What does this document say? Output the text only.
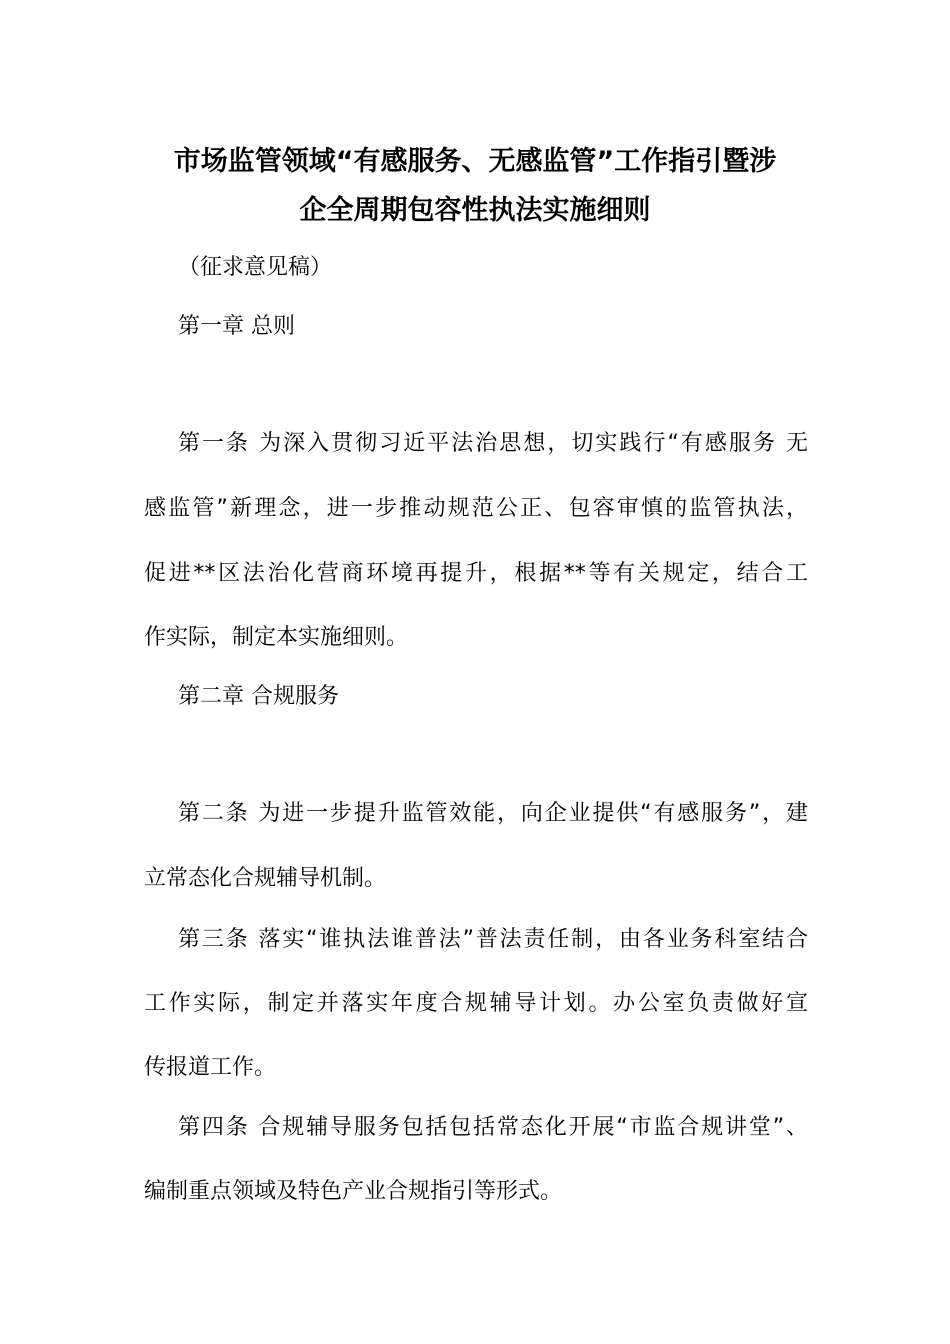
市场监管领域“有感服务、无感监管”工作指引暨涉
企全周期包容性执法实施细则

（征求意见稿）

第一章 总则

第一条 为深入贯彻习近平法治思想，切实践行“有感服务 无

感监管”新理念，进一步推动规范公正、包容审慎的监管执法，

促进**区法治化营商环境再提升，根据**等有关规定，结合工

作实际，制定本实施细则。

第二章 合规服务

第二条 为进一步提升监管效能，向企业提供“有感服务”，建

立常态化合规辅导机制。

第三条 落实“谁执法谁普法”普法责任制，由各业务科室结合

工作实际，制定并落实年度合规辅导计划。办公室负责做好宣

传报道工作。

第四条 合规辅导服务包括包括常态化开展“市监合规讲堂”、

编制重点领域及特色产业合规指引等形式。
